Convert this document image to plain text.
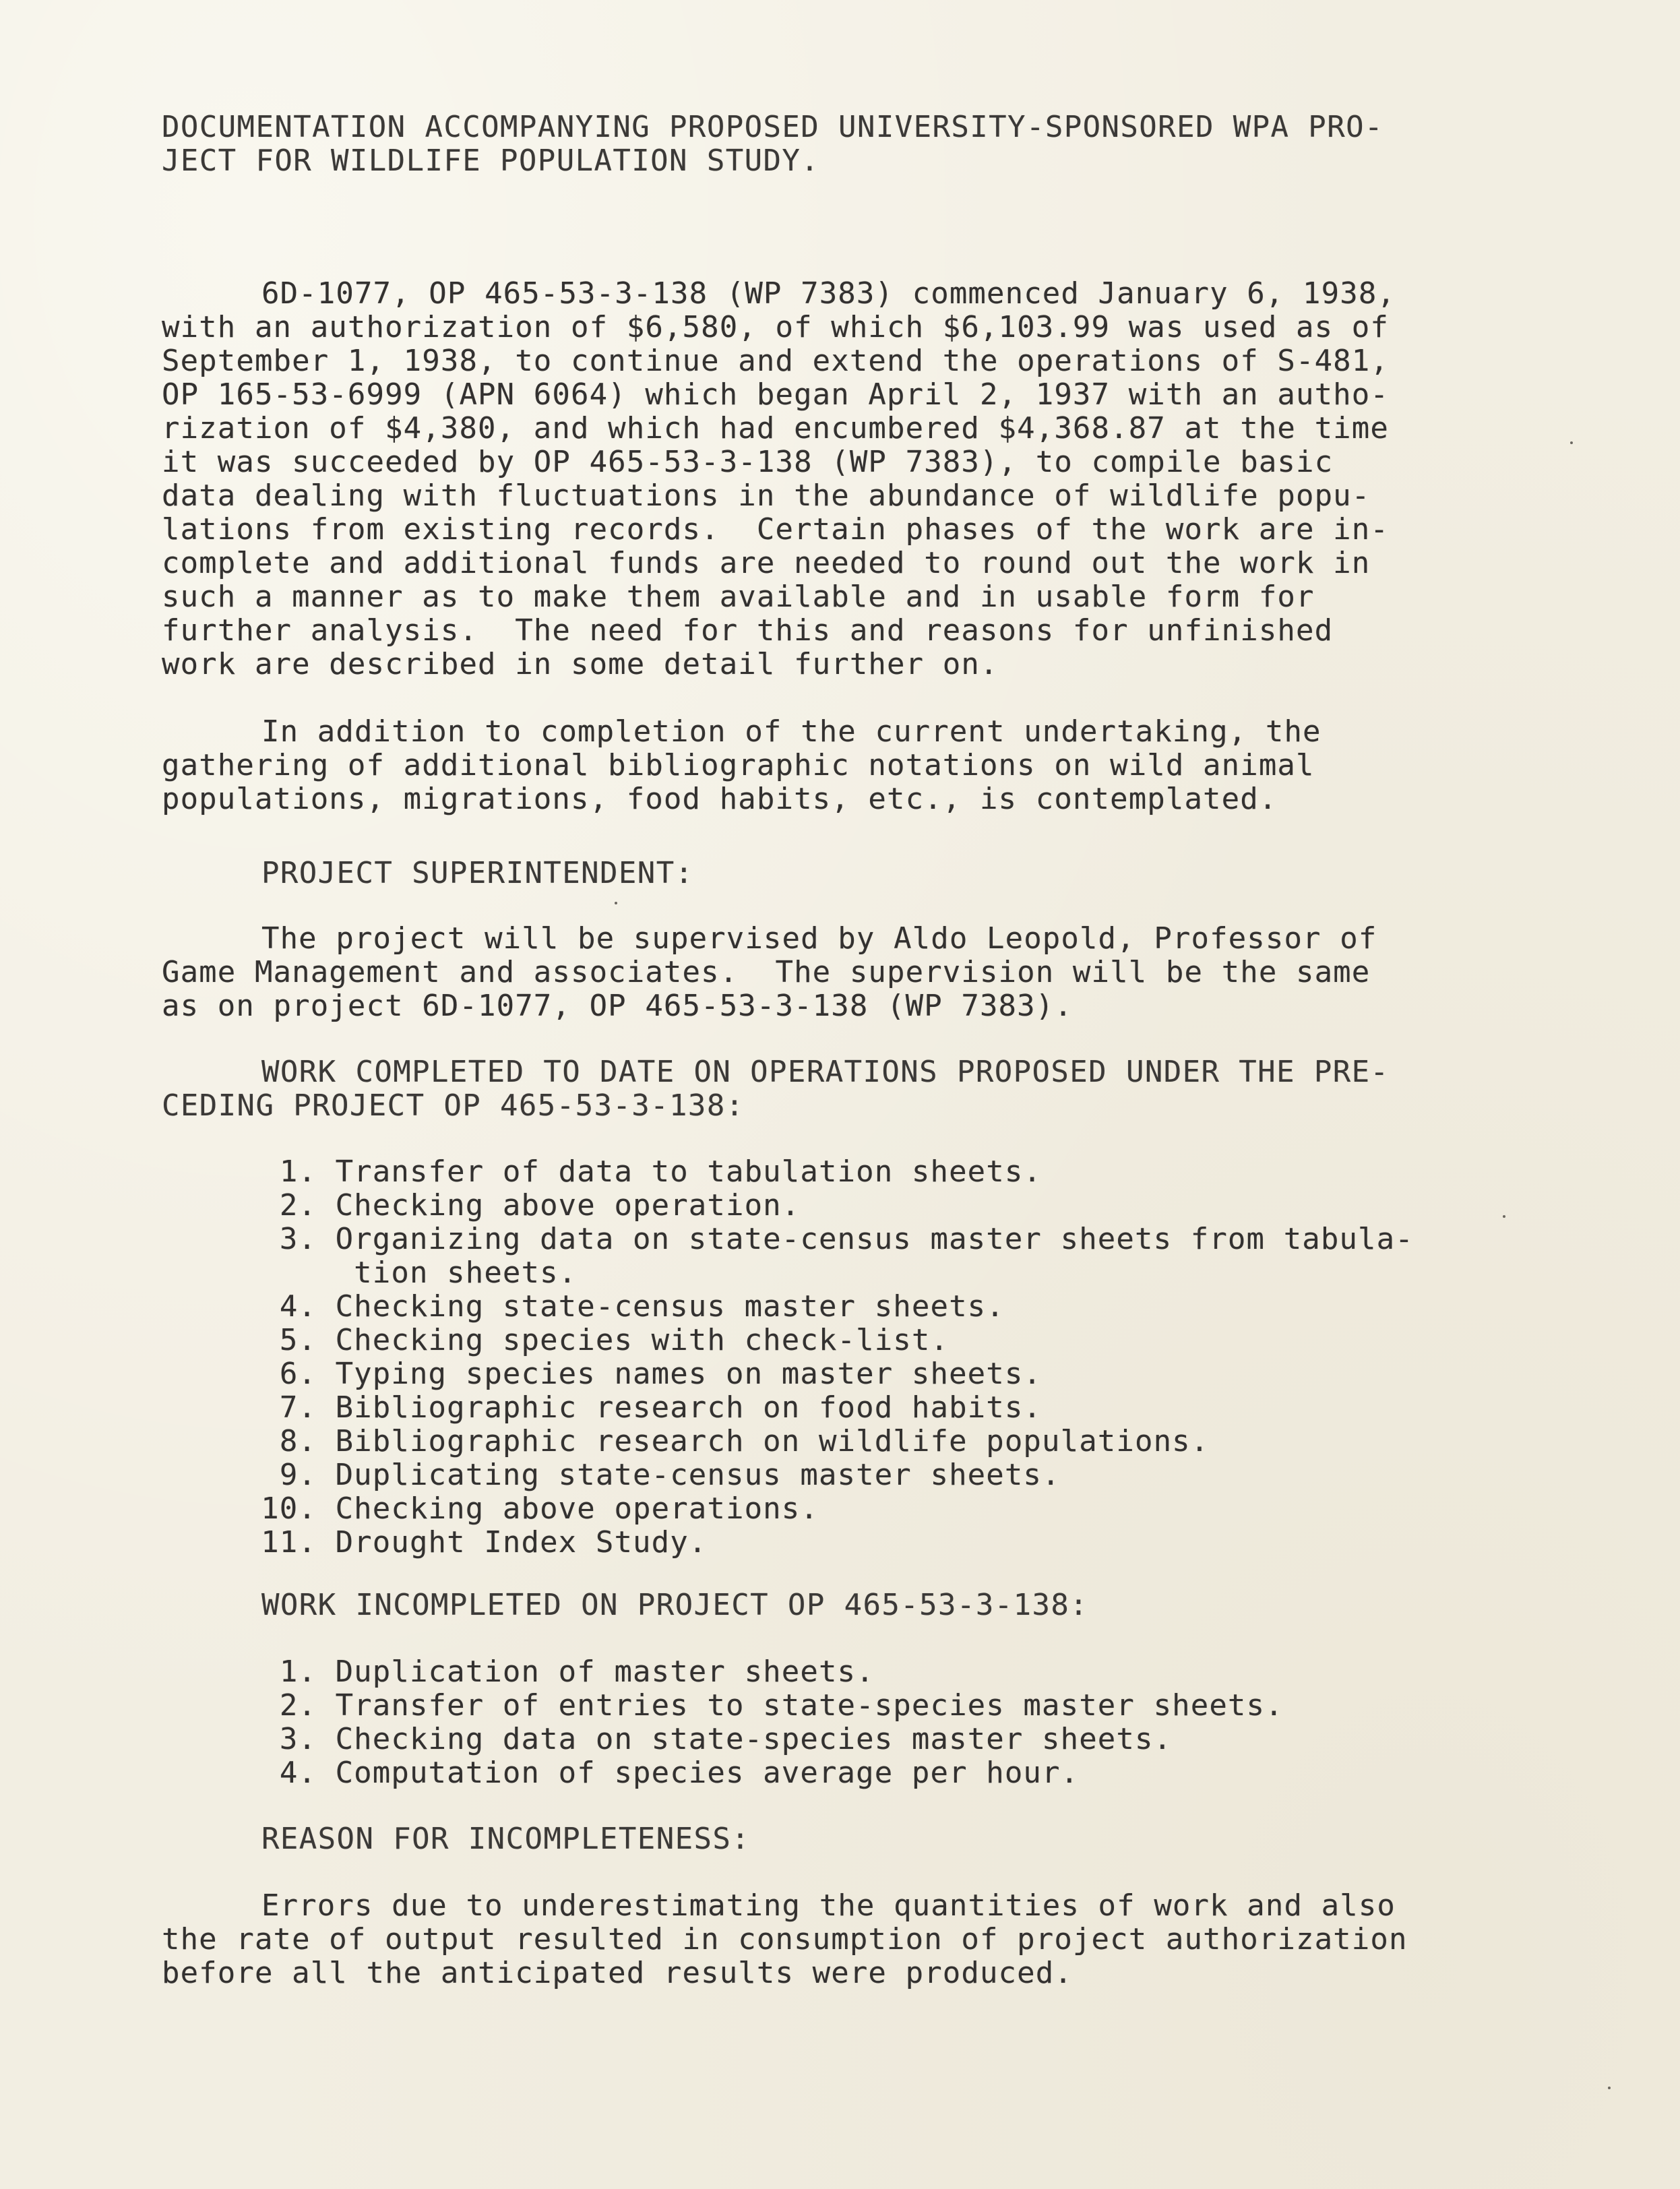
DOCUMENTATION ACCOMPANYING PROPOSED UNIVERSITY-SPONSORED WPA PRO-
JECT FOR WILDLIFE POPULATION STUDY.
6D-1077, OP 465-53-3-138 (WP 7383) commenced January 6, 1938,
with an authorization of $6,580, of which $6,103.99 was used as of
September 1, 1938, to continue and extend the operations of S-481,
OP 165-53-6999 (APN 6064) which began April 2, 1937 with an autho-
rization of $4,380, and which had encumbered $4,368.87 at the time
it was succeeded by OP 465-53-3-138 (WP 7383), to compile basic
data dealing with fluctuations in the abundance of wildlife popu-
lations from existing records.  Certain phases of the work are in-
complete and additional funds are needed to round out the work in
such a manner as to make them available and in usable form for
further analysis.  The need for this and reasons for unfinished
work are described in some detail further on.
In addition to completion of the current undertaking, the
gathering of additional bibliographic notations on wild animal
populations, migrations, food habits, etc., is contemplated.
PROJECT SUPERINTENDENT:
The project will be supervised by Aldo Leopold, Professor of
Game Management and associates.  The supervision will be the same
as on project 6D-1077, OP 465-53-3-138 (WP 7383).
WORK COMPLETED TO DATE ON OPERATIONS PROPOSED UNDER THE PRE-
CEDING PROJECT OP 465-53-3-138:
1. Transfer of data to tabulation sheets.
2. Checking above operation.
3. Organizing data on state-census master sheets from tabula-
tion sheets.
4. Checking state-census master sheets.
5. Checking species with check-list.
6. Typing species names on master sheets.
7. Bibliographic research on food habits.
8. Bibliographic research on wildlife populations.
9. Duplicating state-census master sheets.
10. Checking above operations.
11. Drought Index Study.
WORK INCOMPLETED ON PROJECT OP 465-53-3-138:
1. Duplication of master sheets.
2. Transfer of entries to state-species master sheets.
3. Checking data on state-species master sheets.
4. Computation of species average per hour.
REASON FOR INCOMPLETENESS:
Errors due to underestimating the quantities of work and also
the rate of output resulted in consumption of project authorization
before all the anticipated results were produced.
